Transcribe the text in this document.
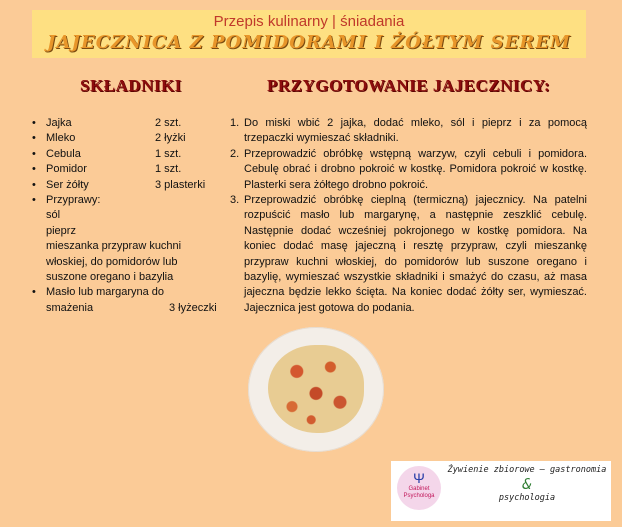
Przepis kulinarny | śniadania
JAJECZNICA Z POMIDORAMI I ŻÓŁTYM SEREM
SKŁADNIKI	PRZYGOTOWANIE JAJECZNICY:
• Jajka	2 szt.
• Mleko	2 łyżki
• Cebula	1 szt.
• Pomidor	1 szt.
• Ser żółty	3 plasterki
• Przyprawy:
sól
pieprz
mieszanka przypraw kuchni
włoskiej, do pomidorów lub
suszone oregano i bazylia
• Masło lub margaryna do
smażenia	3 łyżeczki
1. Do miski wbić 2 jajka, dodać mleko, sól i pieprz i za pomocą trzepaczki wymieszać składniki.
2. Przeprowadzić obróbkę wstępną warzyw, czyli cebuli i pomidora. Cebulę obrać i drobno pokroić w kostkę. Pomidora pokroić w kostkę. Plasterki sera żółtego drobno pokroić.
3. Przeprowadzić obróbkę cieplną (termiczną) jajecznicy. Na patelni rozpuścić masło lub margarynę, a następnie zeszklić cebulę. Następnie dodać wcześniej pokrojonego w kostkę pomidora. Na koniec dodać masę jajeczną i resztę przypraw, czyli mieszankę przypraw kuchni włoskiej, do pomidorów lub suszone oregano i bazylię, wymieszać wszystkie składniki i smażyć do czasu, aż masa jajeczna będzie lekko ścięta. Na koniec dodać żółty ser, wymieszać. Jajecznica jest gotowa do podania.
Ψ
Gabinet
Psychologa
Żywienie zbiorowe – gastronomia
&
psychologia
